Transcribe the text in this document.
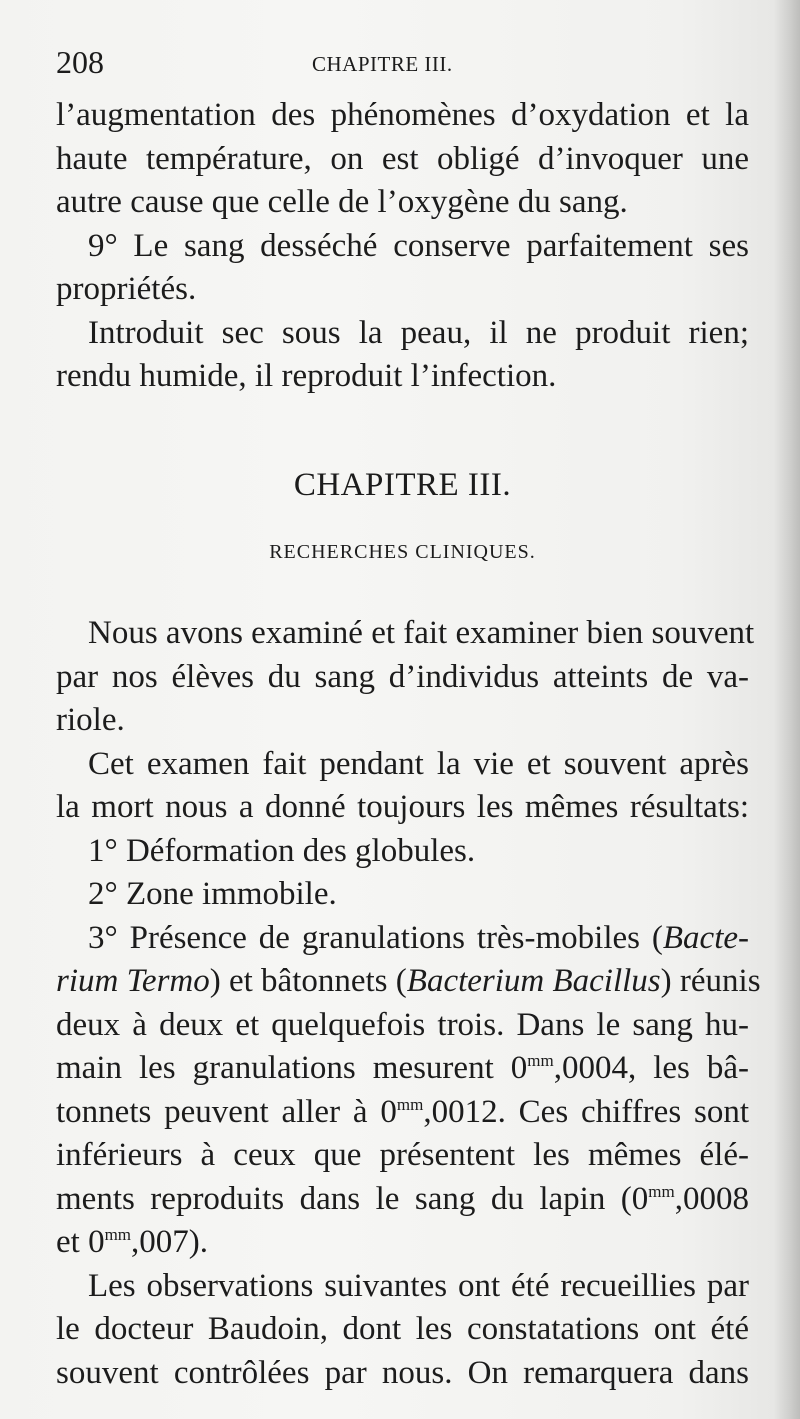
208	CHAPITRE III.
l’augmentation des phénomènes d’oxydation et la
haute température, on est obligé d’invoquer une
autre cause que celle de l’oxygène du sang.
9° Le sang desséché conserve parfaitement ses
propriétés.
Introduit sec sous la peau, il ne produit rien;
rendu humide, il reproduit l’infection.
CHAPITRE III.
RECHERCHES CLINIQUES.
Nous avons examiné et fait examiner bien souvent
par nos élèves du sang d’individus atteints de va-
riole.
Cet examen fait pendant la vie et souvent après
la mort nous a donné toujours les mêmes résultats:
1° Déformation des globules.
2° Zone immobile.
3° Présence de granulations très-mobiles (Bacte-
rium Termo) et bâtonnets (Bacterium Bacillus) réunis
deux à deux et quelquefois trois. Dans le sang hu-
main les granulations mesurent $0^{mm},0004$, les bâ-
tonnets peuvent aller à $0^{mm},0012$. Ces chiffres sont
inférieurs à ceux que présentent les mêmes élé-
ments reproduits dans le sang du lapin ($0^{mm},0008$
et $0^{mm},007$).
Les observations suivantes ont été recueillies par
le docteur Baudoin, dont les constatations ont été
souvent contrôlées par nous. On remarquera dans
